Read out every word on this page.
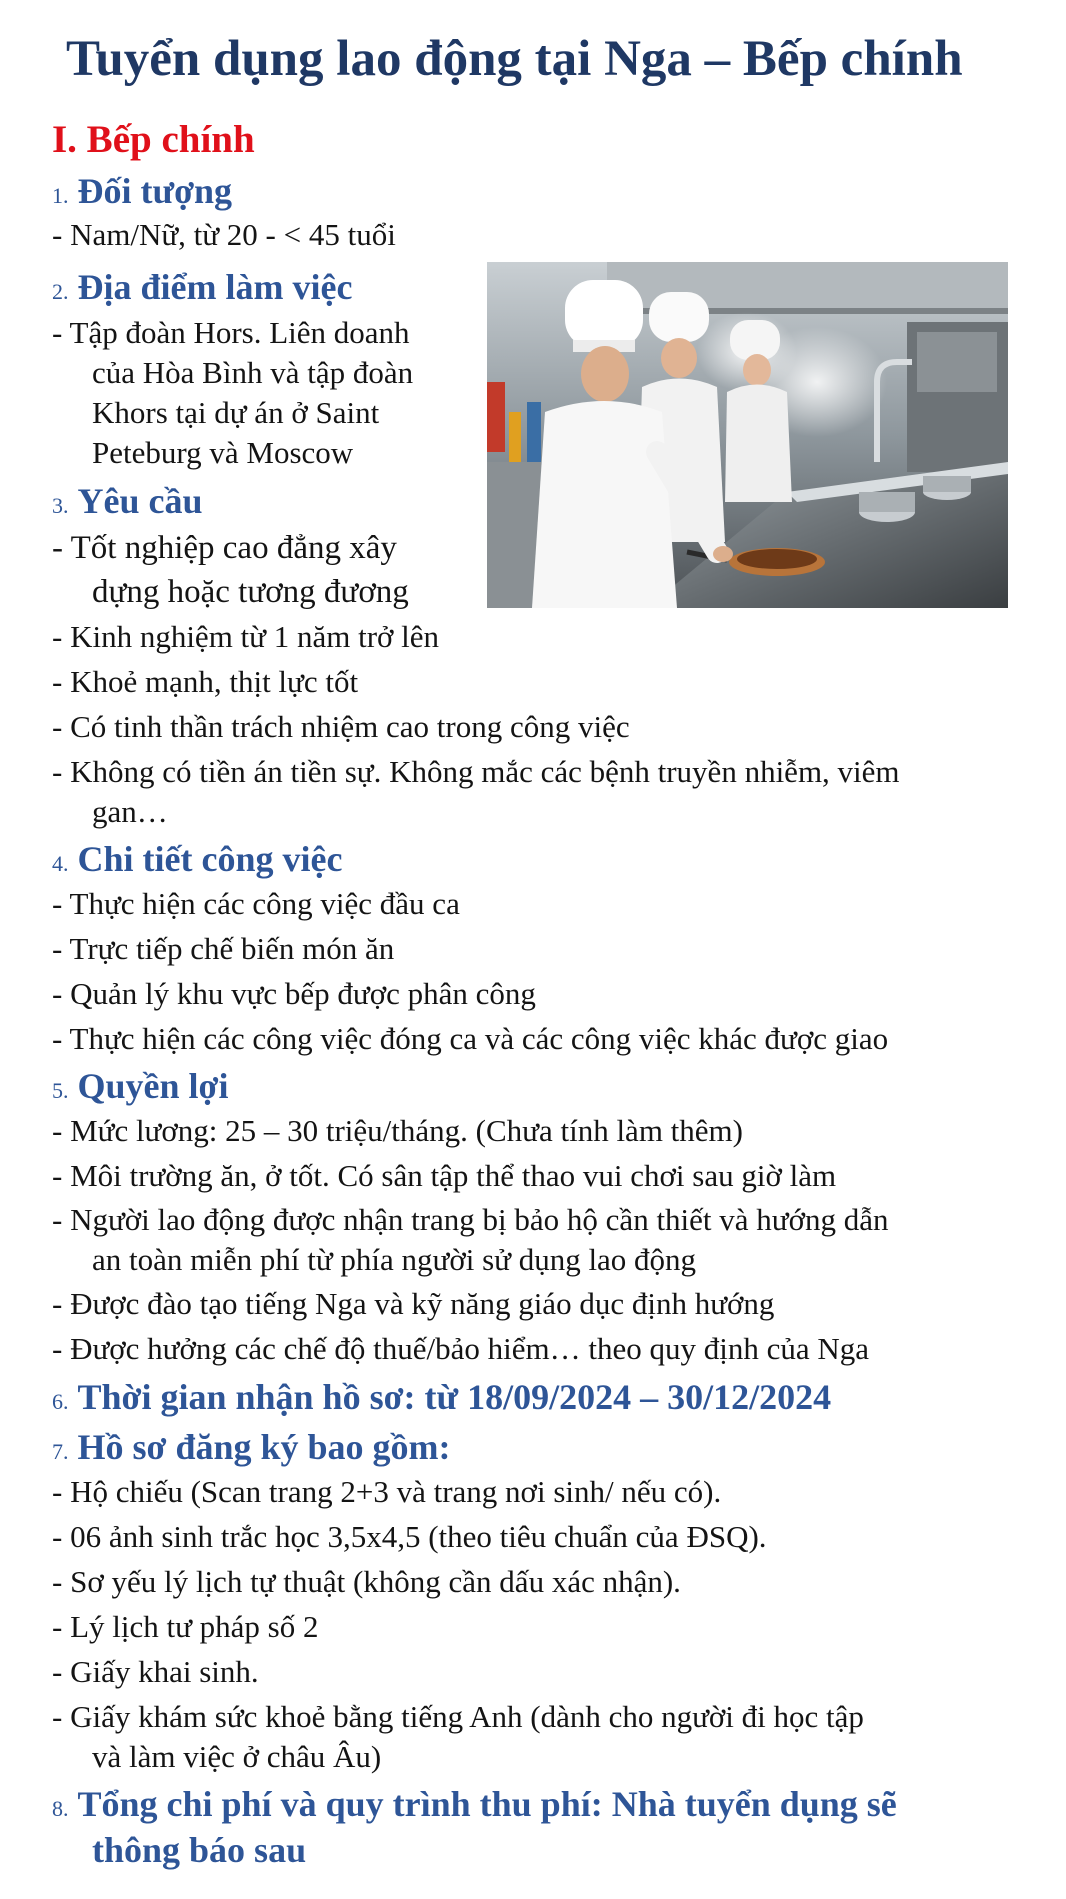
Tuyển dụng lao động tại Nga – Bếp chính
I. Bếp chính
1. Đối tượng
- Nam/Nữ, từ 20 - < 45 tuổi
2. Địa điểm làm việc
- Tập đoàn Hors. Liên doanh
của Hòa Bình và tập đoàn
Khors tại dự án ở Saint
Peteburg và Moscow
3. Yêu cầu
- Tốt nghiệp cao đẳng xây
dựng hoặc tương đương
- Kinh nghiệm từ 1 năm trở lên
- Khoẻ mạnh, thịt lực tốt
- Có tinh thần trách nhiệm cao trong công việc
- Không có tiền án tiền sự. Không mắc các bệnh truyền nhiễm, viêm
gan…
4. Chi tiết công việc
- Thực hiện các công việc đầu ca
- Trực tiếp chế biến món ăn
- Quản lý khu vực bếp được phân công
- Thực hiện các công việc đóng ca và các công việc khác được giao
5. Quyền lợi
- Mức lương: 25 – 30 triệu/tháng. (Chưa tính làm thêm)
- Môi trường ăn, ở tốt. Có sân tập thể thao vui chơi sau giờ làm
- Người lao động được nhận trang bị bảo hộ cần thiết và hướng dẫn
an toàn miễn phí từ phía người sử dụng lao động
- Được đào tạo tiếng Nga và kỹ năng giáo dục định hướng
- Được hưởng các chế độ thuế/bảo hiểm… theo quy định của Nga
6. Thời gian nhận hồ sơ: từ 18/09/2024 – 30/12/2024
7. Hồ sơ đăng ký bao gồm:
- Hộ chiếu (Scan trang 2+3 và trang nơi sinh/ nếu có).
- 06 ảnh sinh trắc học 3,5x4,5 (theo tiêu chuẩn của ĐSQ).
- Sơ yếu lý lịch tự thuật (không cần dấu xác nhận).
- Lý lịch tư pháp số 2
- Giấy khai sinh.
- Giấy khám sức khoẻ bằng tiếng Anh (dành cho người đi học tập
và làm việc ở châu Âu)
8. Tổng chi phí và quy trình thu phí: Nhà tuyển dụng sẽ
thông báo sau
